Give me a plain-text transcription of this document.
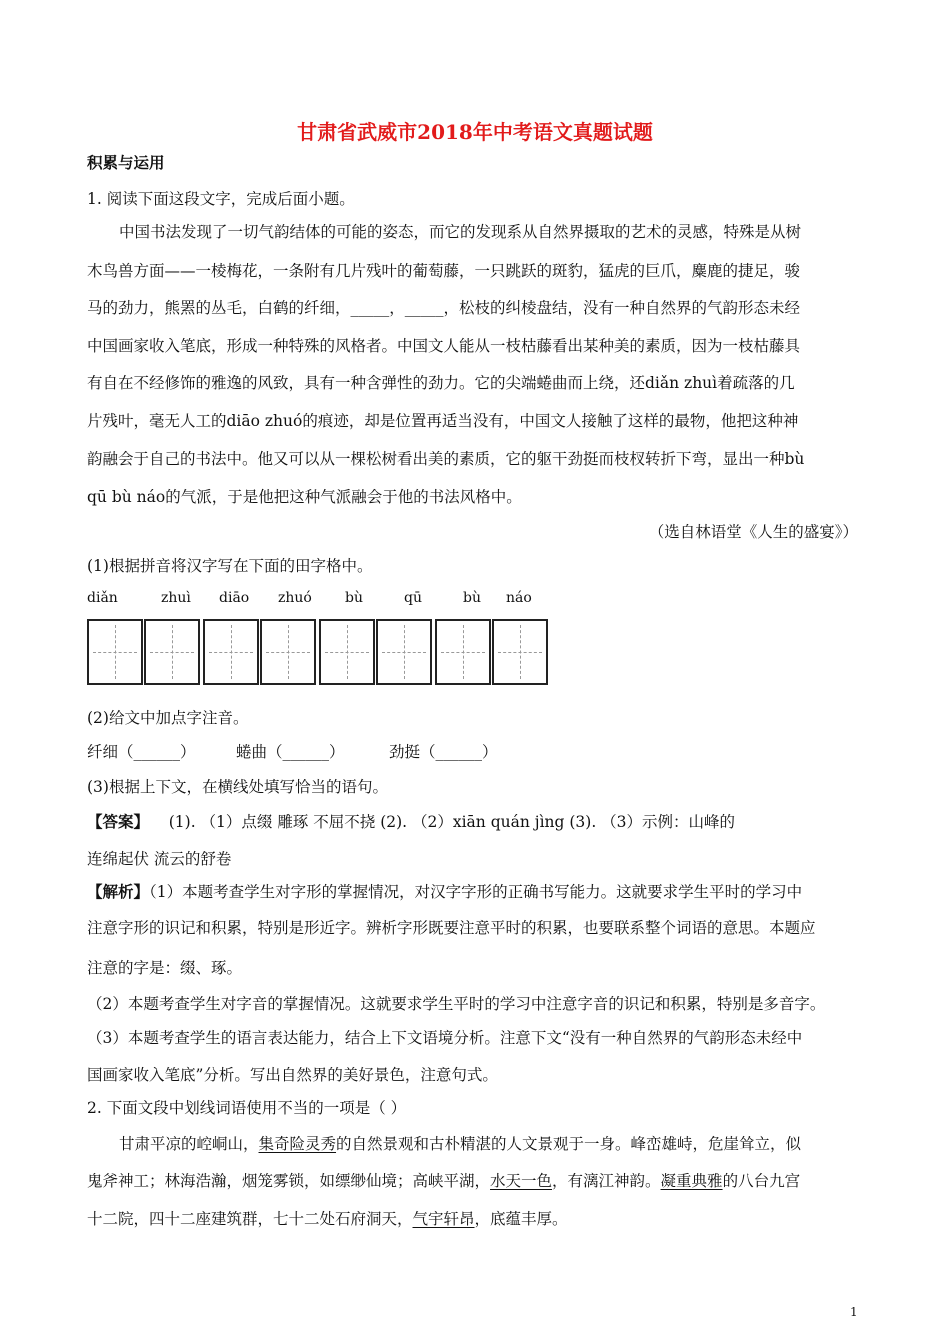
甘肃省武威市2018年中考语文真题试题
积累与运用
1. 阅读下面这段文字，完成后面小题。
中国书法发现了一切气韵结体的可能的姿态，而它的发现系从自然界摄取的艺术的灵感，特殊是从树
木鸟兽方面——一棱梅花，一条附有几片残叶的葡萄藤，一只跳跃的斑豹，猛虎的巨爪，麋鹿的捷足，骏
马的劲力，熊罴的丛毛，白鹤的纤细，_____，_____，松枝的纠棱盘结，没有一种自然界的气韵形态未经
中国画家收入笔底，形成一种特殊的风格者。中国文人能从一枝枯藤看出某种美的素质，因为一枝枯藤具
有自在不经修饰的雅逸的风致，具有一种含弹性的劲力。它的尖端蜷曲而上绕，还diǎn zhuì着疏落的几
片残叶，毫无人工的diāo zhuó的痕迹，却是位置再适当没有，中国文人接触了这样的最物，他把这种神
韵融会于自己的书法中。他又可以从一棵松树看出美的素质，它的躯干劲挺而枝杈转折下弯，显出一种bù
qū bù náo的气派，于是他把这种气派融会于他的书法风格中。
（选自林语堂《人生的盛宴》）
(1)根据拼音将汉字写在下面的田字格中。
diǎn	zhuì diāo zhuó bù	qū	bù náo
(2)给文中加点字注音。
纤细（______）	蜷曲（______）	劲挺（______）
(3)根据上下文，在横线处填写恰当的语句。
【答案】 (1). （1）点缀 雕琢 不屈不挠 (2). （2）xiān quán jìng (3). （3）示例：山峰的
连绵起伏 流云的舒卷
【解析】（1）本题考查学生对字形的掌握情况，对汉字字形的正确书写能力。这就要求学生平时的学习中
注意字形的识记和积累，特别是形近字。辨析字形既要注意平时的积累，也要联系整个词语的意思。本题应
注意的字是：缀、琢。
（2）本题考查学生对字音的掌握情况。这就要求学生平时的学习中注意字音的识记和积累，特别是多音字。
（3）本题考查学生的语言表达能力，结合上下文语境分析。注意下文“没有一种自然界的气韵形态未经中
国画家收入笔底”分析。写出自然界的美好景色，注意句式。
2. 下面文段中划线词语使用不当的一项是（ ）
甘肃平凉的崆峒山，集奇险灵秀的自然景观和古朴精湛的人文景观于一身。峰峦雄峙，危崖耸立，似
鬼斧神工；林海浩瀚，烟笼雾锁，如缥缈仙境；高峡平湖，水天一色，有漓江神韵。凝重典雅的八台九宫
十二院，四十二座建筑群，七十二处石府洞天，气宇轩昂，底蕴丰厚。
1
